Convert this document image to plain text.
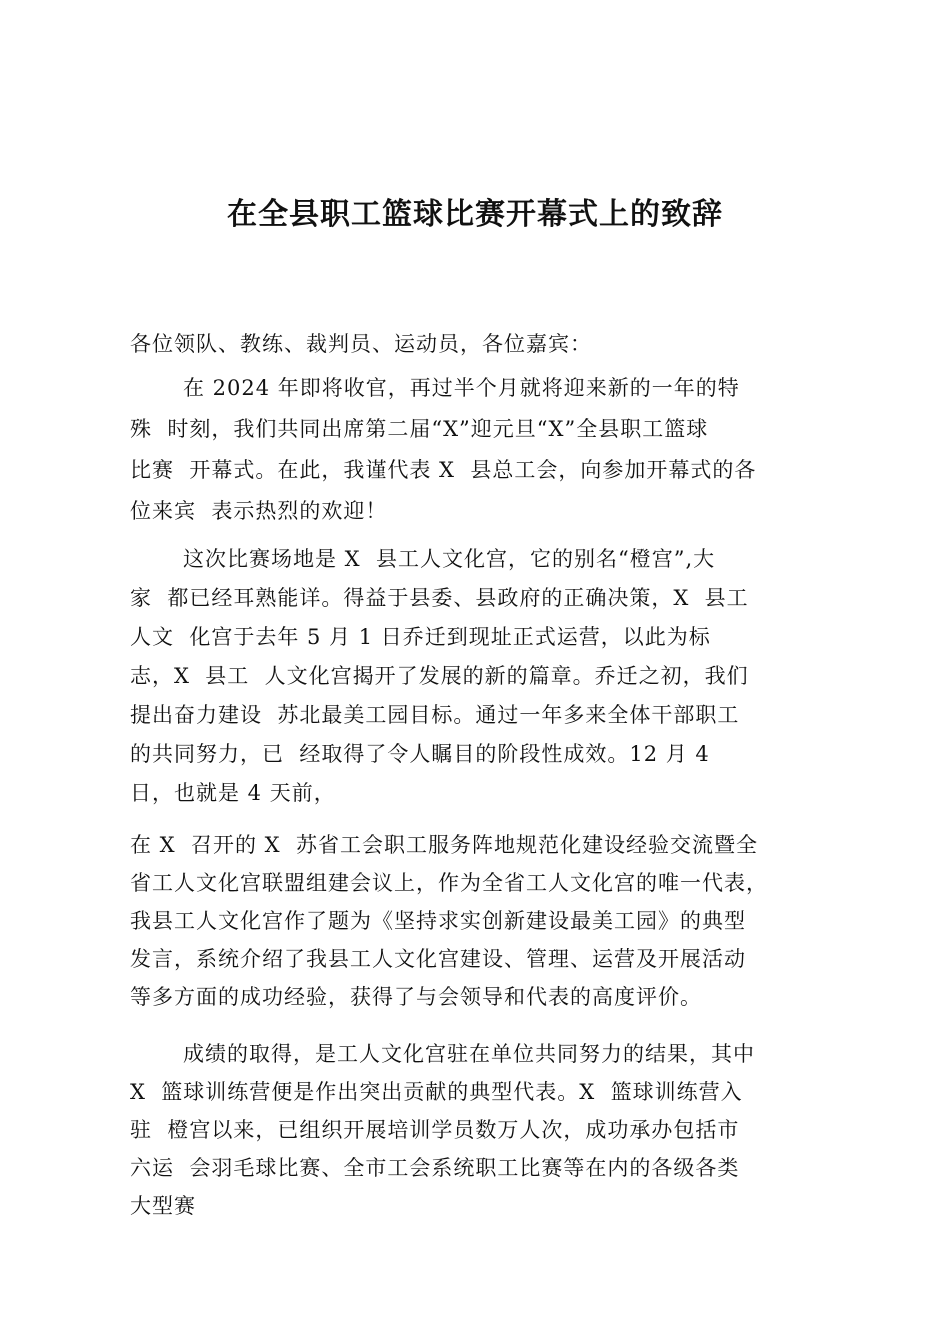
在全县职工篮球比赛开幕式上的致辞

各位领队、教练、裁判员、运动员，各位嘉宾：

在 2024 年即将收官，再过半个月就将迎来新的一年的特
殊  时刻，我们共同出席第二届“X”迎元旦“X”全县职工篮球
比赛  开幕式。在此，我谨代表 X  县总工会，向参加开幕式的各
位来宾  表示热烈的欢迎！
这次比赛场地是 X  县工人文化宫，它的别名“橙宫”,大
家  都已经耳熟能详。得益于县委、县政府的正确决策，X  县工
人文  化宫于去年 5 月 1 日乔迁到现址正式运营，以此为标
志，X  县工  人文化宫揭开了发展的新的篇章。乔迁之初，我们
提出奋力建设  苏北最美工园目标。通过一年多来全体干部职工
的共同努力，已  经取得了令人瞩目的阶段性成效。12 月 4
日，也就是 4 天前，
在 X  召开的 X  苏省工会职工服务阵地规范化建设经验交流暨全
省工人文化宫联盟组建会议上，作为全省工人文化宫的唯一代表，
我县工人文化宫作了题为《坚持求实创新建设最美工园》的典型
发言，系统介绍了我县工人文化宫建设、管理、运营及开展活动
等多方面的成功经验，获得了与会领导和代表的高度评价。
成绩的取得，是工人文化宫驻在单位共同努力的结果，其中
X  篮球训练营便是作出突出贡献的典型代表。X  篮球训练营入
驻  橙宫以来，已组织开展培训学员数万人次，成功承办包括市
六运  会羽毛球比赛、全市工会系统职工比赛等在内的各级各类
大型赛
